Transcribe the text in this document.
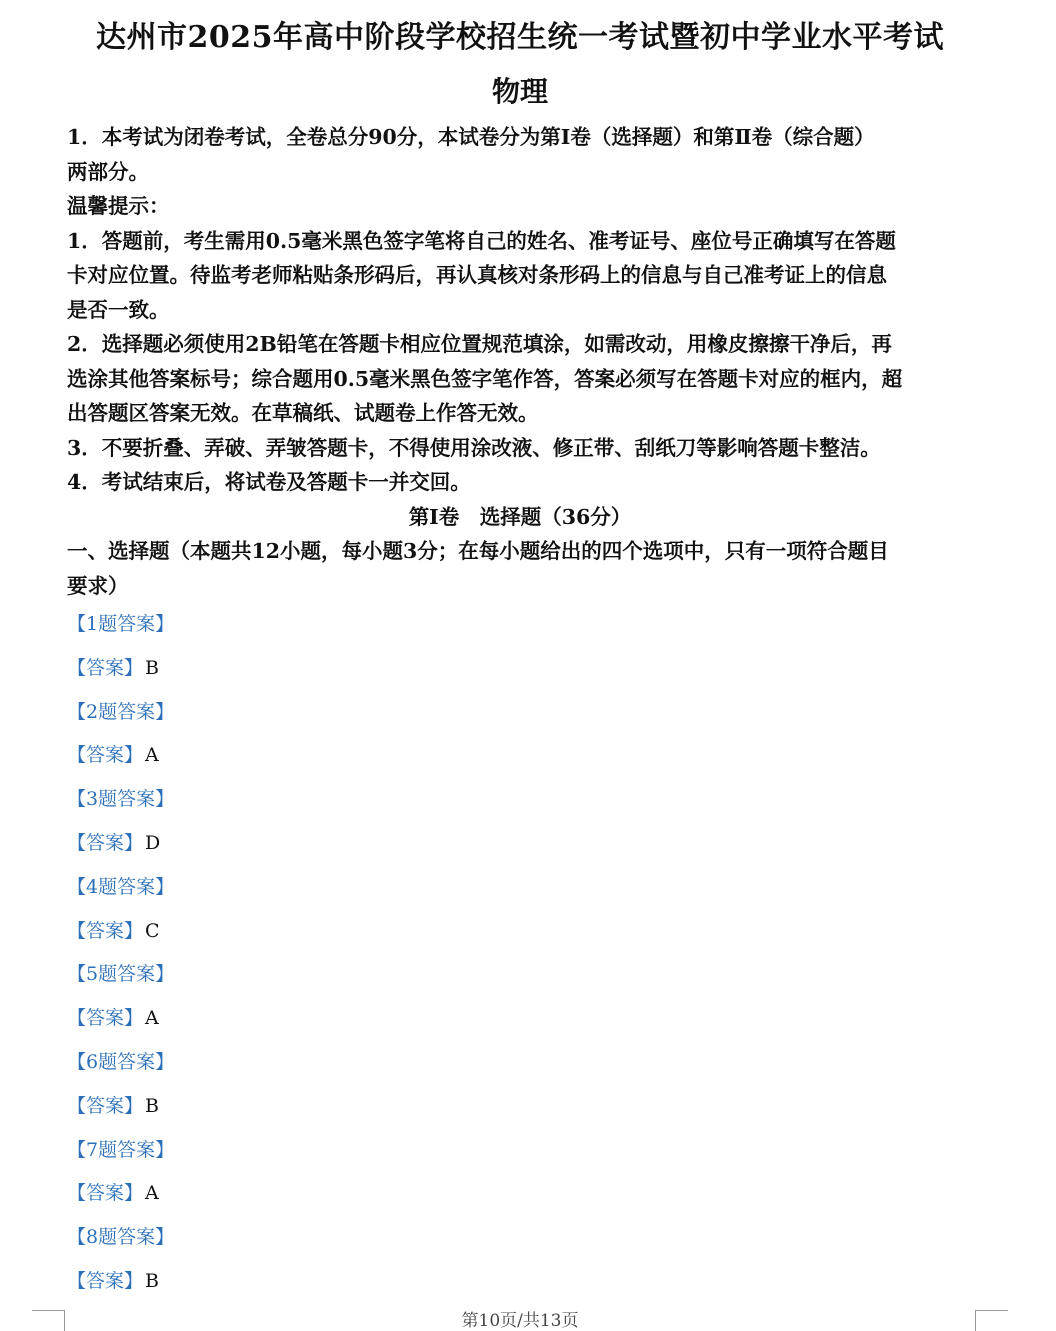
达州市2025年高中阶段学校招生统一考试暨初中学业水平考试
物理

1．本考试为闭卷考试，全卷总分90分，本试卷分为第Ⅰ卷（选择题）和第Ⅱ卷（综合题）

两部分。

温馨提示：

1．答题前，考生需用0.5毫米黑色签字笔将自己的姓名、准考证号、座位号正确填写在答题

卡对应位置。待监考老师粘贴条形码后，再认真核对条形码上的信息与自己准考证上的信息

是否一致。

2．选择题必须使用2B铅笔在答题卡相应位置规范填涂，如需改动，用橡皮擦擦干净后，再

选涂其他答案标号；综合题用0.5毫米黑色签字笔作答，答案必须写在答题卡对应的框内，超

出答题区答案无效。在草稿纸、试题卷上作答无效。

3．不要折叠、弄破、弄皱答题卡，不得使用涂改液、修正带、刮纸刀等影响答题卡整洁。

4．考试结束后，将试卷及答题卡一并交回。

第Ⅰ卷　选择题（36分）
一、选择题（本题共12小题，每小题3分；在每小题给出的四个选项中，只有一项符合题目
要求）
【1题答案】
【答案】 B
【2题答案】
【答案】 A
【3题答案】
【答案】 D
【4题答案】
【答案】 C
【5题答案】
【答案】 A
【6题答案】
【答案】 B
【7题答案】
【答案】 A
【8题答案】
【答案】 B
第10页/共13页
